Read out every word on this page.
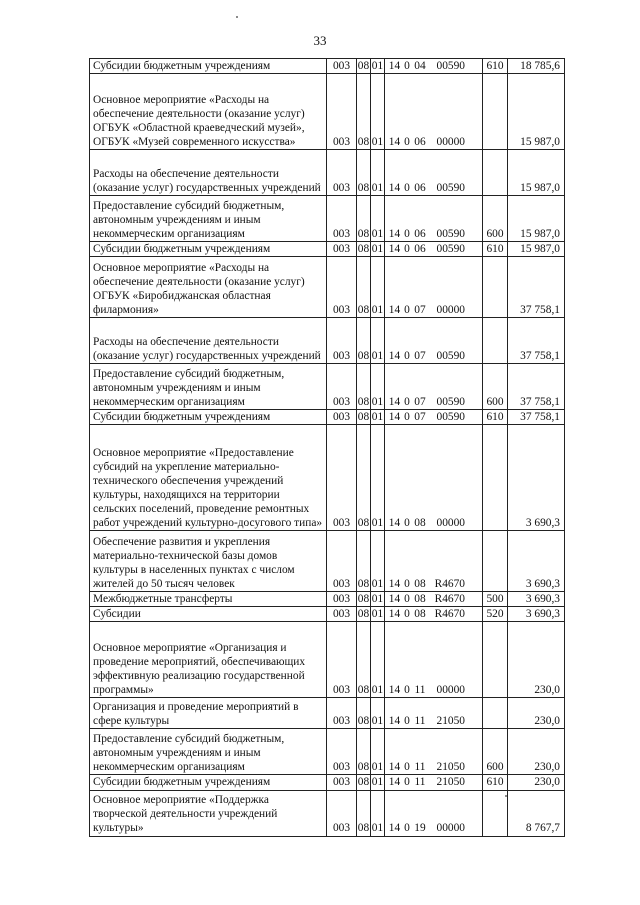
33
Субсидии бюджетным учреждениям	003	08	01	14 0 04 00590	610	18 785,6
Основное мероприятие «Расходы на обеспечение деятельности (оказание услуг) ОГБУК «Областной краеведческий музей», ОГБУК «Музей современного искусства»	003	08	01	14 0 06 00000		15 987,0
Расходы на обеспечение деятельности (оказание услуг) государственных учреждений	003	08	01	14 0 06 00590		15 987,0
Предоставление субсидий бюджетным, автономным учреждениям и иным некоммерческим организациям	003	08	01	14 0 06 00590	600	15 987,0
Субсидии бюджетным учреждениям	003	08	01	14 0 06 00590	610	15 987,0
Основное мероприятие «Расходы на обеспечение деятельности (оказание услуг) ОГБУК «Биробиджанская областная филармония»	003	08	01	14 0 07 00000		37 758,1
Расходы на обеспечение деятельности (оказание услуг) государственных учреждений	003	08	01	14 0 07 00590		37 758,1
Предоставление субсидий бюджетным, автономным учреждениям и иным некоммерческим организациям	003	08	01	14 0 07 00590	600	37 758,1
Субсидии бюджетным учреждениям	003	08	01	14 0 07 00590	610	37 758,1
Основное мероприятие «Предоставление субсидий на укрепление материально-технического обеспечения учреждений культуры, находящихся на территории сельских поселений, проведение ремонтных работ учреждений культурно-досугового типа»	003	08	01	14 0 08 00000		3 690,3
Обеспечение развития и укрепления материально-технической базы домов культуры в населенных пунктах с числом жителей до 50 тысяч человек	003	08	01	14 0 08 R4670		3 690,3
Межбюджетные трансферты	003	08	01	14 0 08 R4670	500	3 690,3
Субсидии	003	08	01	14 0 08 R4670	520	3 690,3
Основное мероприятие «Организация и проведение мероприятий, обеспечивающих эффективную реализацию государственной программы»	003	08	01	14 0 11 00000		230,0
Организация и проведение мероприятий в сфере культуры	003	08	01	14 0 11 21050		230,0
Предоставление субсидий бюджетным, автономным учреждениям и иным некоммерческим организациям	003	08	01	14 0 11 21050	600	230,0
Субсидии бюджетным учреждениям	003	08	01	14 0 11 21050	610	230,0
Основное мероприятие «Поддержка творческой деятельности учреждений культуры»	003	08	01	14 0 19 00000		8 767,7
